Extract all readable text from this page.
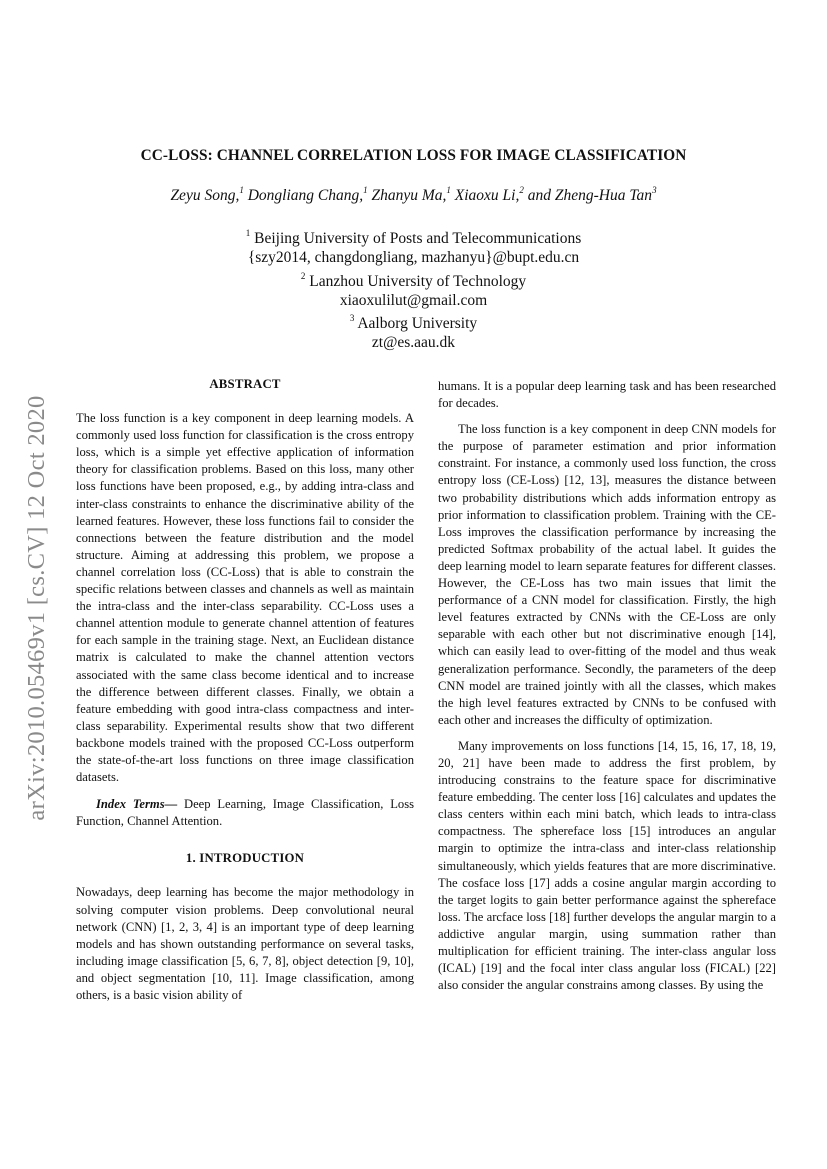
arXiv:2010.05469v1 [cs.CV] 12 Oct 2020
CC-LOSS: CHANNEL CORRELATION LOSS FOR IMAGE CLASSIFICATION
Zeyu Song,$^1$ Dongliang Chang,$^1$ Zhanyu Ma,$^1$ Xiaoxu Li,$^2$ and Zheng-Hua Tan$^3$
$^1$ Beijing University of Posts and Telecommunications
{szy2014, changdongliang, mazhanyu}@bupt.edu.cn
$^2$ Lanzhou University of Technology
xiaoxulilut@gmail.com
$^3$ Aalborg University
zt@es.aau.dk
ABSTRACT

The loss function is a key component in deep learning models. A commonly used loss function for classification is the cross entropy loss, which is a simple yet effective application of information theory for classification problems. Based on this loss, many other loss functions have been proposed, e.g., by adding intra-class and inter-class constraints to enhance the discriminative ability of the learned features. However, these loss functions fail to consider the connections between the feature distribution and the model structure. Aiming at addressing this problem, we propose a channel correlation loss (CC-Loss) that is able to constrain the specific relations between classes and channels as well as maintain the intra-class and the inter-class separability. CC-Loss uses a channel attention module to generate channel attention of features for each sample in the training stage. Next, an Euclidean distance matrix is calculated to make the channel attention vectors associated with the same class become identical and to increase the difference between different classes. Finally, we obtain a feature embedding with good intra-class compactness and inter-class separability. Experimental results show that two different backbone models trained with the proposed CC-Loss outperform the state-of-the-art loss functions on three image classification datasets.

Index Terms— Deep Learning, Image Classification, Loss Function, Channel Attention.

1. INTRODUCTION

Nowadays, deep learning has become the major methodology in solving computer vision problems. Deep convolutional neural network (CNN) [1, 2, 3, 4] is an important type of deep learning models and has shown outstanding performance on several tasks, including image classification [5, 6, 7, 8], object detection [9, 10], and object segmentation [10, 11]. Image classification, among others, is a basic vision ability of

humans. It is a popular deep learning task and has been researched for decades.

The loss function is a key component in deep CNN models for the purpose of parameter estimation and prior information constraint. For instance, a commonly used loss function, the cross entropy loss (CE-Loss) [12, 13], measures the distance between two probability distributions which adds information entropy as prior information to classification problem. Training with the CE-Loss improves the classification performance by increasing the predicted Softmax probability of the actual label. It guides the deep learning model to learn separate features for different classes. However, the CE-Loss has two main issues that limit the performance of a CNN model for classification. Firstly, the high level features extracted by CNNs with the CE-Loss are only separable with each other but not discriminative enough [14], which can easily lead to over-fitting of the model and thus weak generalization performance. Secondly, the parameters of the deep CNN model are trained jointly with all the classes, which makes the high level features extracted by CNNs to be confused with each other and increases the difficulty of optimization.

Many improvements on loss functions [14, 15, 16, 17, 18, 19, 20, 21] have been made to address the first problem, by introducing constrains to the feature space for discriminative feature embedding. The center loss [16] calculates and updates the class centers within each mini batch, which leads to intra-class compactness. The sphereface loss [15] introduces an angular margin to optimize the intra-class and inter-class relationship simultaneously, which yields features that are more discriminative. The cosface loss [17] adds a cosine angular margin according to the target logits to gain better performance against the sphereface loss. The arcface loss [18] further develops the angular margin to a addictive angular margin, using summation rather than multiplication for efficient training. The inter-class angular loss (ICAL) [19] and the focal inter class angular loss (FICAL) [22] also consider the angular constrains among classes. By using the
